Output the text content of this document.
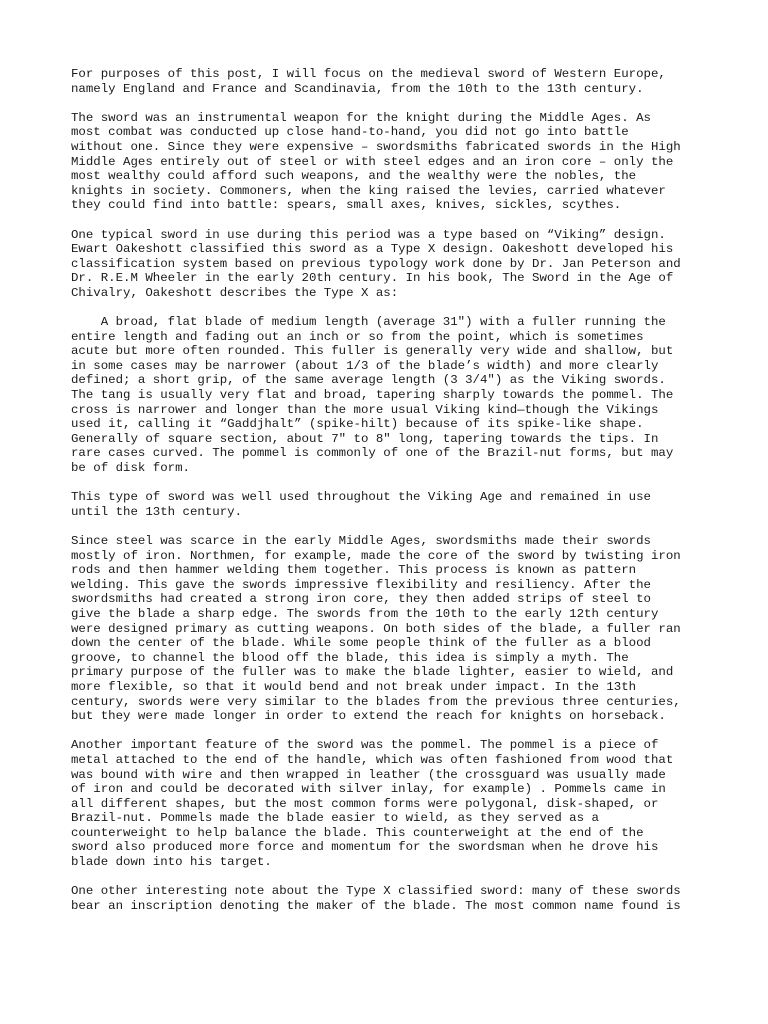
For purposes of this post, I will focus on the medieval sword of Western Europe,
namely England and France and Scandinavia, from the 10th to the 13th century.

The sword was an instrumental weapon for the knight during the Middle Ages. As
most combat was conducted up close hand-to-hand, you did not go into battle
without one. Since they were expensive – swordsmiths fabricated swords in the High
Middle Ages entirely out of steel or with steel edges and an iron core – only the
most wealthy could afford such weapons, and the wealthy were the nobles, the
knights in society. Commoners, when the king raised the levies, carried whatever
they could find into battle: spears, small axes, knives, sickles, scythes.

One typical sword in use during this period was a type based on “Viking” design.
Ewart Oakeshott classified this sword as a Type X design. Oakeshott developed his
classification system based on previous typology work done by Dr. Jan Peterson and
Dr. R.E.M Wheeler in the early 20th century. In his book, The Sword in the Age of
Chivalry, Oakeshott describes the Type X as:

A broad, flat blade of medium length (average 31″) with a fuller running the
entire length and fading out an inch or so from the point, which is sometimes
acute but more often rounded. This fuller is generally very wide and shallow, but
in some cases may be narrower (about 1/3 of the blade’s width) and more clearly
defined; a short grip, of the same average length (3 3/4″) as the Viking swords.
The tang is usually very flat and broad, tapering sharply towards the pommel. The
cross is narrower and longer than the more usual Viking kind—though the Vikings
used it, calling it “Gaddjhalt” (spike-hilt) because of its spike-like shape.
Generally of square section, about 7″ to 8″ long, tapering towards the tips. In
rare cases curved. The pommel is commonly of one of the Brazil-nut forms, but may
be of disk form.

This type of sword was well used throughout the Viking Age and remained in use
until the 13th century.

Since steel was scarce in the early Middle Ages, swordsmiths made their swords
mostly of iron. Northmen, for example, made the core of the sword by twisting iron
rods and then hammer welding them together. This process is known as pattern
welding. This gave the swords impressive flexibility and resiliency. After the
swordsmiths had created a strong iron core, they then added strips of steel to
give the blade a sharp edge. The swords from the 10th to the early 12th century
were designed primary as cutting weapons. On both sides of the blade, a fuller ran
down the center of the blade. While some people think of the fuller as a blood
groove, to channel the blood off the blade, this idea is simply a myth. The
primary purpose of the fuller was to make the blade lighter, easier to wield, and
more flexible, so that it would bend and not break under impact. In the 13th
century, swords were very similar to the blades from the previous three centuries,
but they were made longer in order to extend the reach for knights on horseback.

Another important feature of the sword was the pommel. The pommel is a piece of
metal attached to the end of the handle, which was often fashioned from wood that
was bound with wire and then wrapped in leather (the crossguard was usually made
of iron and could be decorated with silver inlay, for example) . Pommels came in
all different shapes, but the most common forms were polygonal, disk-shaped, or
Brazil-nut. Pommels made the blade easier to wield, as they served as a
counterweight to help balance the blade. This counterweight at the end of the
sword also produced more force and momentum for the swordsman when he drove his
blade down into his target.

One other interesting note about the Type X classified sword: many of these swords
bear an inscription denoting the maker of the blade. The most common name found is
